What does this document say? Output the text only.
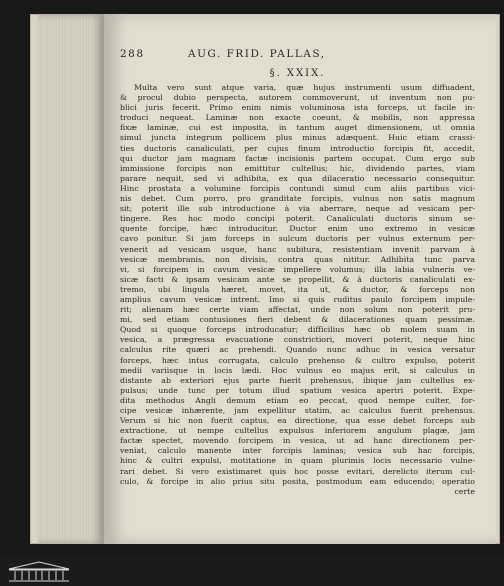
288	AUG. FRID. PALLAS,
§. XXIX.
Multa vero sunt atque varia, quæ hujus instrumenti usum diffuadent,
& procul dubio perspecta, autorem commoverunt, ut inventum non pu-
blici juris fecerit. Primo enim nimis voluminosa ista forceps, ut facile in-
troduci nequeat. Laminæ non exacte coeunt, & mobilis, non appressa
fixæ laminæ, cui est imposita, in tantum auget dimensionem, ut omnia
simul juncta integrum pollicem plus minus adæquent. Huic etiam crassi-
ties ductoris canaliculati, per cujus finum introductio forcipis fit, accedit,
qui ductor jam magnam factæ incisionis partem occupat. Cum ergo sub
immissione forcipis non emittitur cultellus; hic, dividendo partes, viam
parare nequit, sed vi adhibita, ex qua dilaceratio necessario consequitur.
Hinc prostata a volumine forcipis contundi simul cum aliis partibus vici-
nis debet. Cum porro, pro granditate forcipis, vulnus non satis magnum
sit; poterit ille sub introductione à via aberrare, neque ad vesicam per-
tingere. Res hoc modo concipi poterit. Canaliculati ductoris sinum se-
quente forcipe, hæc introducitur. Ductor enim uno extremo in vesicæ
cavo ponitur. Si jam forceps in sulcum ductoris per vulnus externum per-
venerit ad vesicam usque, hanc subitura, resistentiam invenit parvam à
vesicæ membranis, non divisis, contra quas nititur. Adhibita tunc parva
vi, si forcipem in cavum vesicæ impellere volumus; illa labia vulneris ve-
sicæ facti & ipsam vesicam ante se propellit, & à ductoris canaliculati ex-
tremo, ubi lingula hæret, movet, ita ut, & ductor, & forceps non
amplius cavum vesicæ intrent. Imo si quis ruditus paulo forcipem impule-
rit; alienam hæc certe viam affectat, unde non solum non poterit pru-
mi, sed etiam contusiones fieri debent & dilacerationes quam pessimæ.
Quod si quoque forceps introducatur; difficilius hæc ob molem suam in
vesica, a prægressa evacuatione constrictiori, moveri poterit, neque hinc
calculus rite quæri ac prehendi. Quando nunc adhuc in vesica versatur
forceps, hæc intus corrugata, calculo prehenso & cultro expulso, poterit
medii variisque in locis lædi. Hoc vulnus eo majus erit, si calculus in
distante ab exteriori ejus parte fuerit prehensus, ibique jam cultellus ex-
pulsus; unde tunc per totum illud spatium vesica aperiri poterit. Expe-
dita methodus Angli demum etiam eo peccat, quod nempe culter, for-
cipe vesicæ inhærente, jam expellitur statim, ac calculus fuerit prehensus.
Verum si hic non fuerit captus, ea directione, qua esse debet forceps sub
extractione, ut nempe cultellus expulsus inferiorem angulum plagæ, jam
factæ spectet, movendo forcipem in vesica, ut ad hanc directionem per-
veniat, calculo manente inter forcipis laminas; vesica sub hac forcipis,
hinc & cultri expulsi, motitatione in quam plurimis locis necessario vulne-
rari debet. Si vero existimaret quis hoc posse evitari, derelicto iterum cul-
culo, & forcipe in alio prius situ posita, postmodum eam educendo; operatio
certe
